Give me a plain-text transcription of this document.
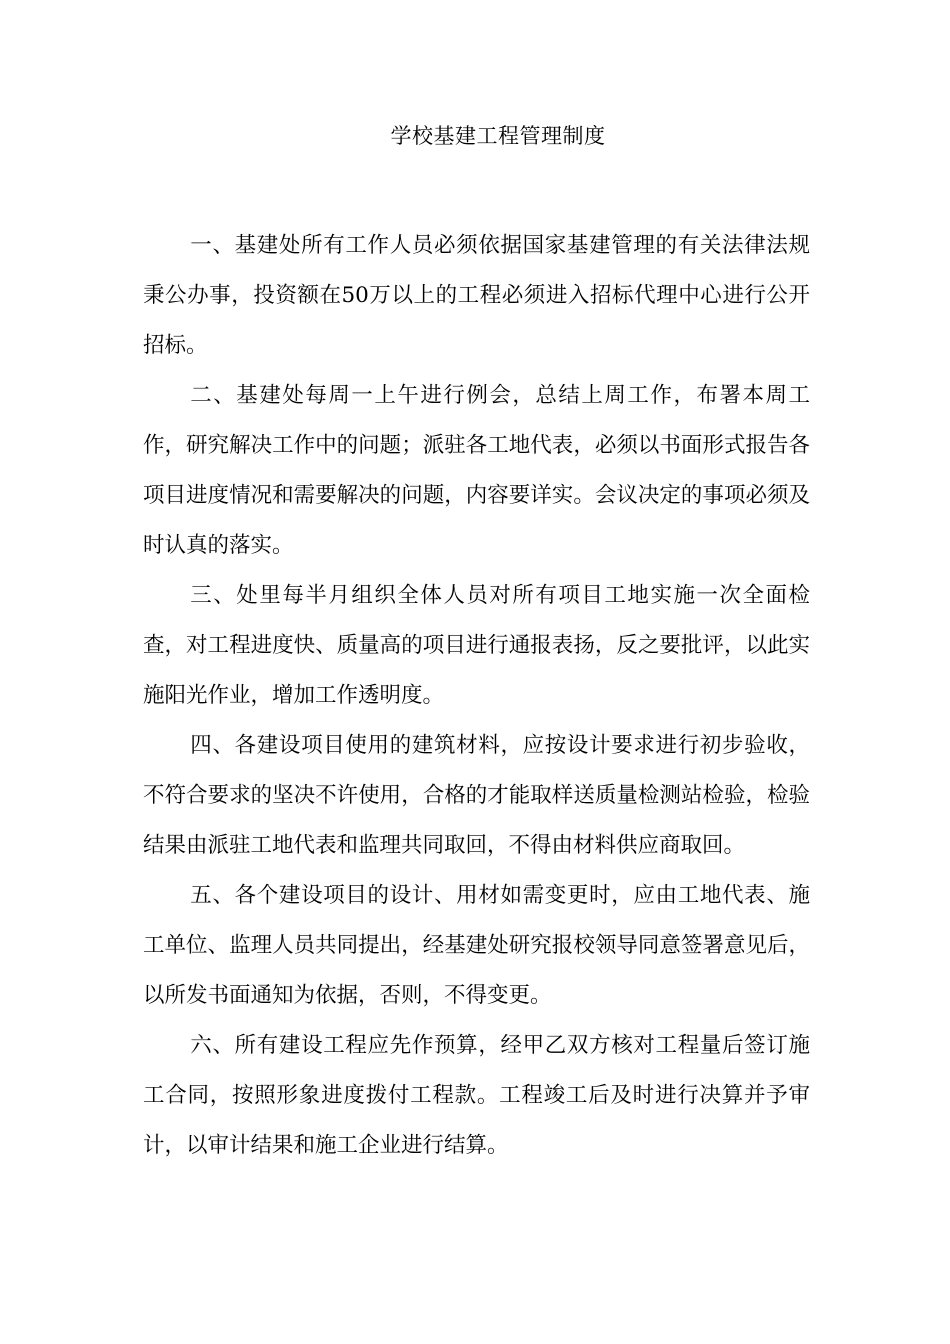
学校基建工程管理制度

一、基建处所有工作人员必须依据国家基建管理的有关法律法规秉公办事，投资额在50万以上的工程必须进入招标代理中心进行公开招标。

二、基建处每周一上午进行例会，总结上周工作，布署本周工作，研究解决工作中的问题；派驻各工地代表，必须以书面形式报告各项目进度情况和需要解决的问题，内容要详实。会议决定的事项必须及时认真的落实。

三、处里每半月组织全体人员对所有项目工地实施一次全面检查，对工程进度快、质量高的项目进行通报表扬，反之要批评，以此实施阳光作业，增加工作透明度。

四、各建设项目使用的建筑材料，应按设计要求进行初步验收，不符合要求的坚决不许使用，合格的才能取样送质量检测站检验，检验结果由派驻工地代表和监理共同取回，不得由材料供应商取回。

五、各个建设项目的设计、用材如需变更时，应由工地代表、施工单位、监理人员共同提出，经基建处研究报校领导同意签署意见后，以所发书面通知为依据，否则，不得变更。

六、所有建设工程应先作预算，经甲乙双方核对工程量后签订施工合同，按照形象进度拨付工程款。工程竣工后及时进行决算并予审计，以审计结果和施工企业进行结算。
